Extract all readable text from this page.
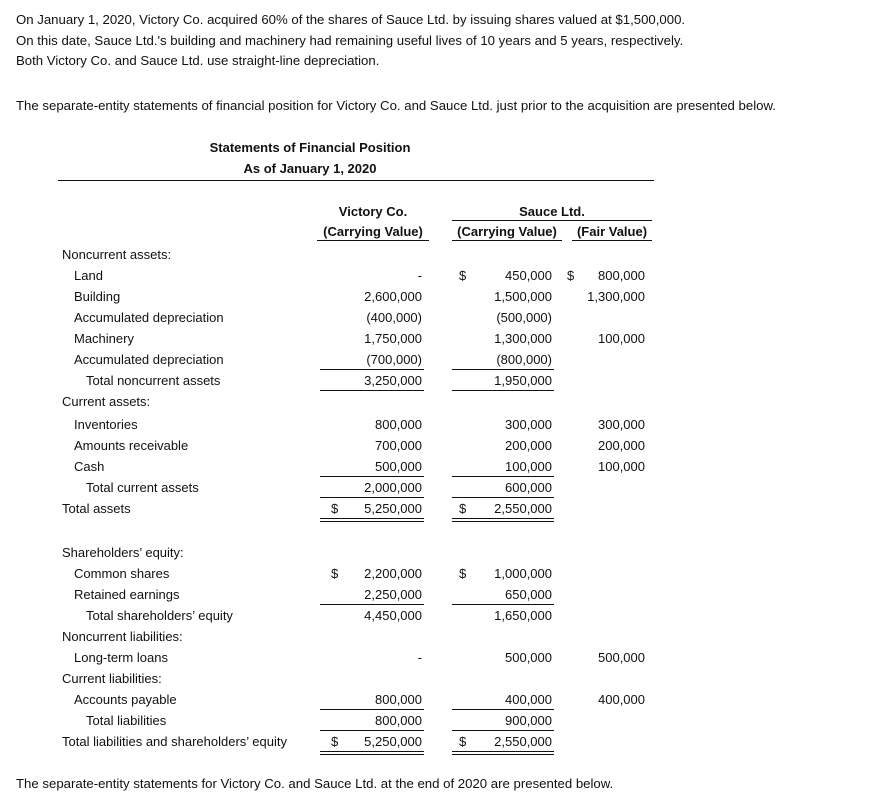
On January 1, 2020, Victory Co. acquired 60% of the shares of Sauce Ltd. by issuing shares valued at $1,500,000.

On this date, Sauce Ltd.'s building and machinery had remaining useful lives of 10 years and 5 years, respectively.

Both Victory Co. and Sauce Ltd. use straight-line depreciation.

The separate-entity statements of financial position for Victory Co. and Sauce Ltd. just prior to the acquisition are presented below.
Statements of Financial Position
As of January 1, 2020
Victory Co.
(Carrying Value)
Sauce Ltd.
(Carrying Value)	(Fair Value)
Noncurrent assets:
Land	-	450,000	800,000
$	$
Building	2,600,000	1,500,000	1,300,000
Accumulated depreciation	(400,000)	(500,000)
Machinery	1,750,000	1,300,000	100,000
Accumulated depreciation	(700,000)	(800,000)
Total noncurrent assets	3,250,000	1,950,000
Current assets:
Inventories	800,000	300,000	300,000
Amounts receivable	700,000	200,000	200,000
Cash	500,000	100,000	100,000
Total current assets	2,000,000	600,000
Total assets	5,250,000	2,550,000
$	$
Shareholders’ equity:
Common shares	2,200,000	1,000,000
$	$
Retained earnings	2,250,000	650,000
Total shareholders’ equity	4,450,000	1,650,000
Noncurrent liabilities:
Long-term loans	-	500,000	500,000
Current liabilities:
Accounts payable	800,000	400,000	400,000
Total liabilities	800,000	900,000
Total liabilities and shareholders’ equity	5,250,000	2,550,000
$	$
The separate-entity statements for Victory Co. and Sauce Ltd. at the end of 2020 are presented below.
